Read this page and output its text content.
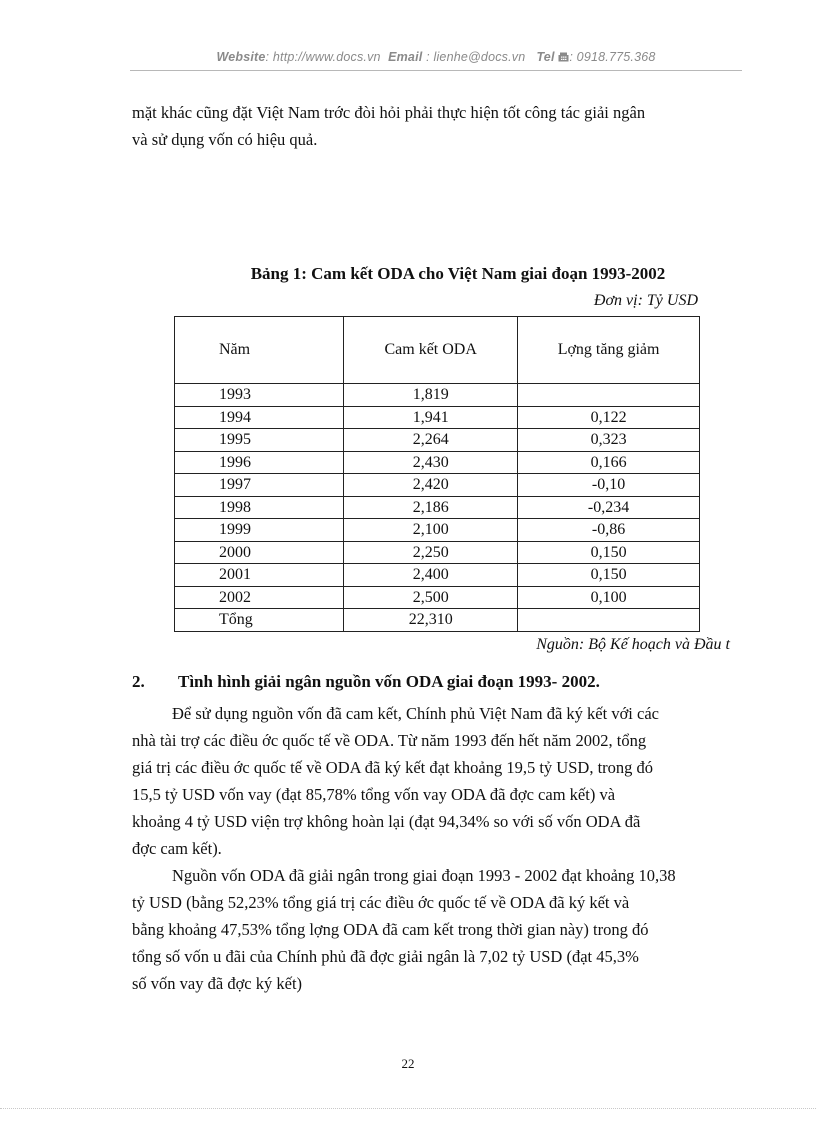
Website: http://www.docs.vn Email : lienhe@docs.vn Tel : 0918.775.368
mặt khác cũng đặt Việt Nam trớc đòi hỏi phải thực hiện tốt công tác giải ngân
và sử dụng vốn có hiệu quả.
Bảng 1: Cam kết ODA cho Việt Nam giai đoạn 1993-2002
Đơn vị: Tỷ USD
Năm	Cam kết ODA	Lợng tăng giảm
1993	1,819	
1994	1,941	0,122
1995	2,264	0,323
1996	2,430	0,166
1997	2,420	-0,10
1998	2,186	-0,234
1999	2,100	-0,86
2000	2,250	0,150
2001	2,400	0,150
2002	2,500	0,100
Tổng	22,310	
Nguồn: Bộ Kế hoạch và Đầu t
2. Tình hình giải ngân nguồn vốn ODA giai đoạn 1993- 2002.
Để sử dụng nguồn vốn đã cam kết, Chính phủ Việt Nam đã ký kết với các
nhà tài trợ các điều ớc quốc tế về ODA. Từ năm 1993 đến hết năm 2002, tổng
giá trị các điều ớc quốc tế về ODA đã ký kết đạt khoảng 19,5 tỷ USD, trong đó
15,5 tỷ USD vốn vay (đạt 85,78% tổng vốn vay ODA đã đợc cam kết) và
khoảng 4 tỷ USD viện trợ không hoàn lại (đạt 94,34% so với số vốn ODA đã
đợc cam kết).
Nguồn vốn ODA đã giải ngân trong giai đoạn 1993 - 2002 đạt khoảng 10,38
tỷ USD (bằng 52,23% tổng giá trị các điều ớc quốc tế về ODA đã ký kết và
bằng khoảng 47,53% tổng lợng ODA đã cam kết trong thời gian này) trong đó
tổng số vốn u đãi của Chính phủ đã đợc giải ngân là 7,02 tỷ USD (đạt 45,3%
số vốn vay đã đợc ký kết)
22
